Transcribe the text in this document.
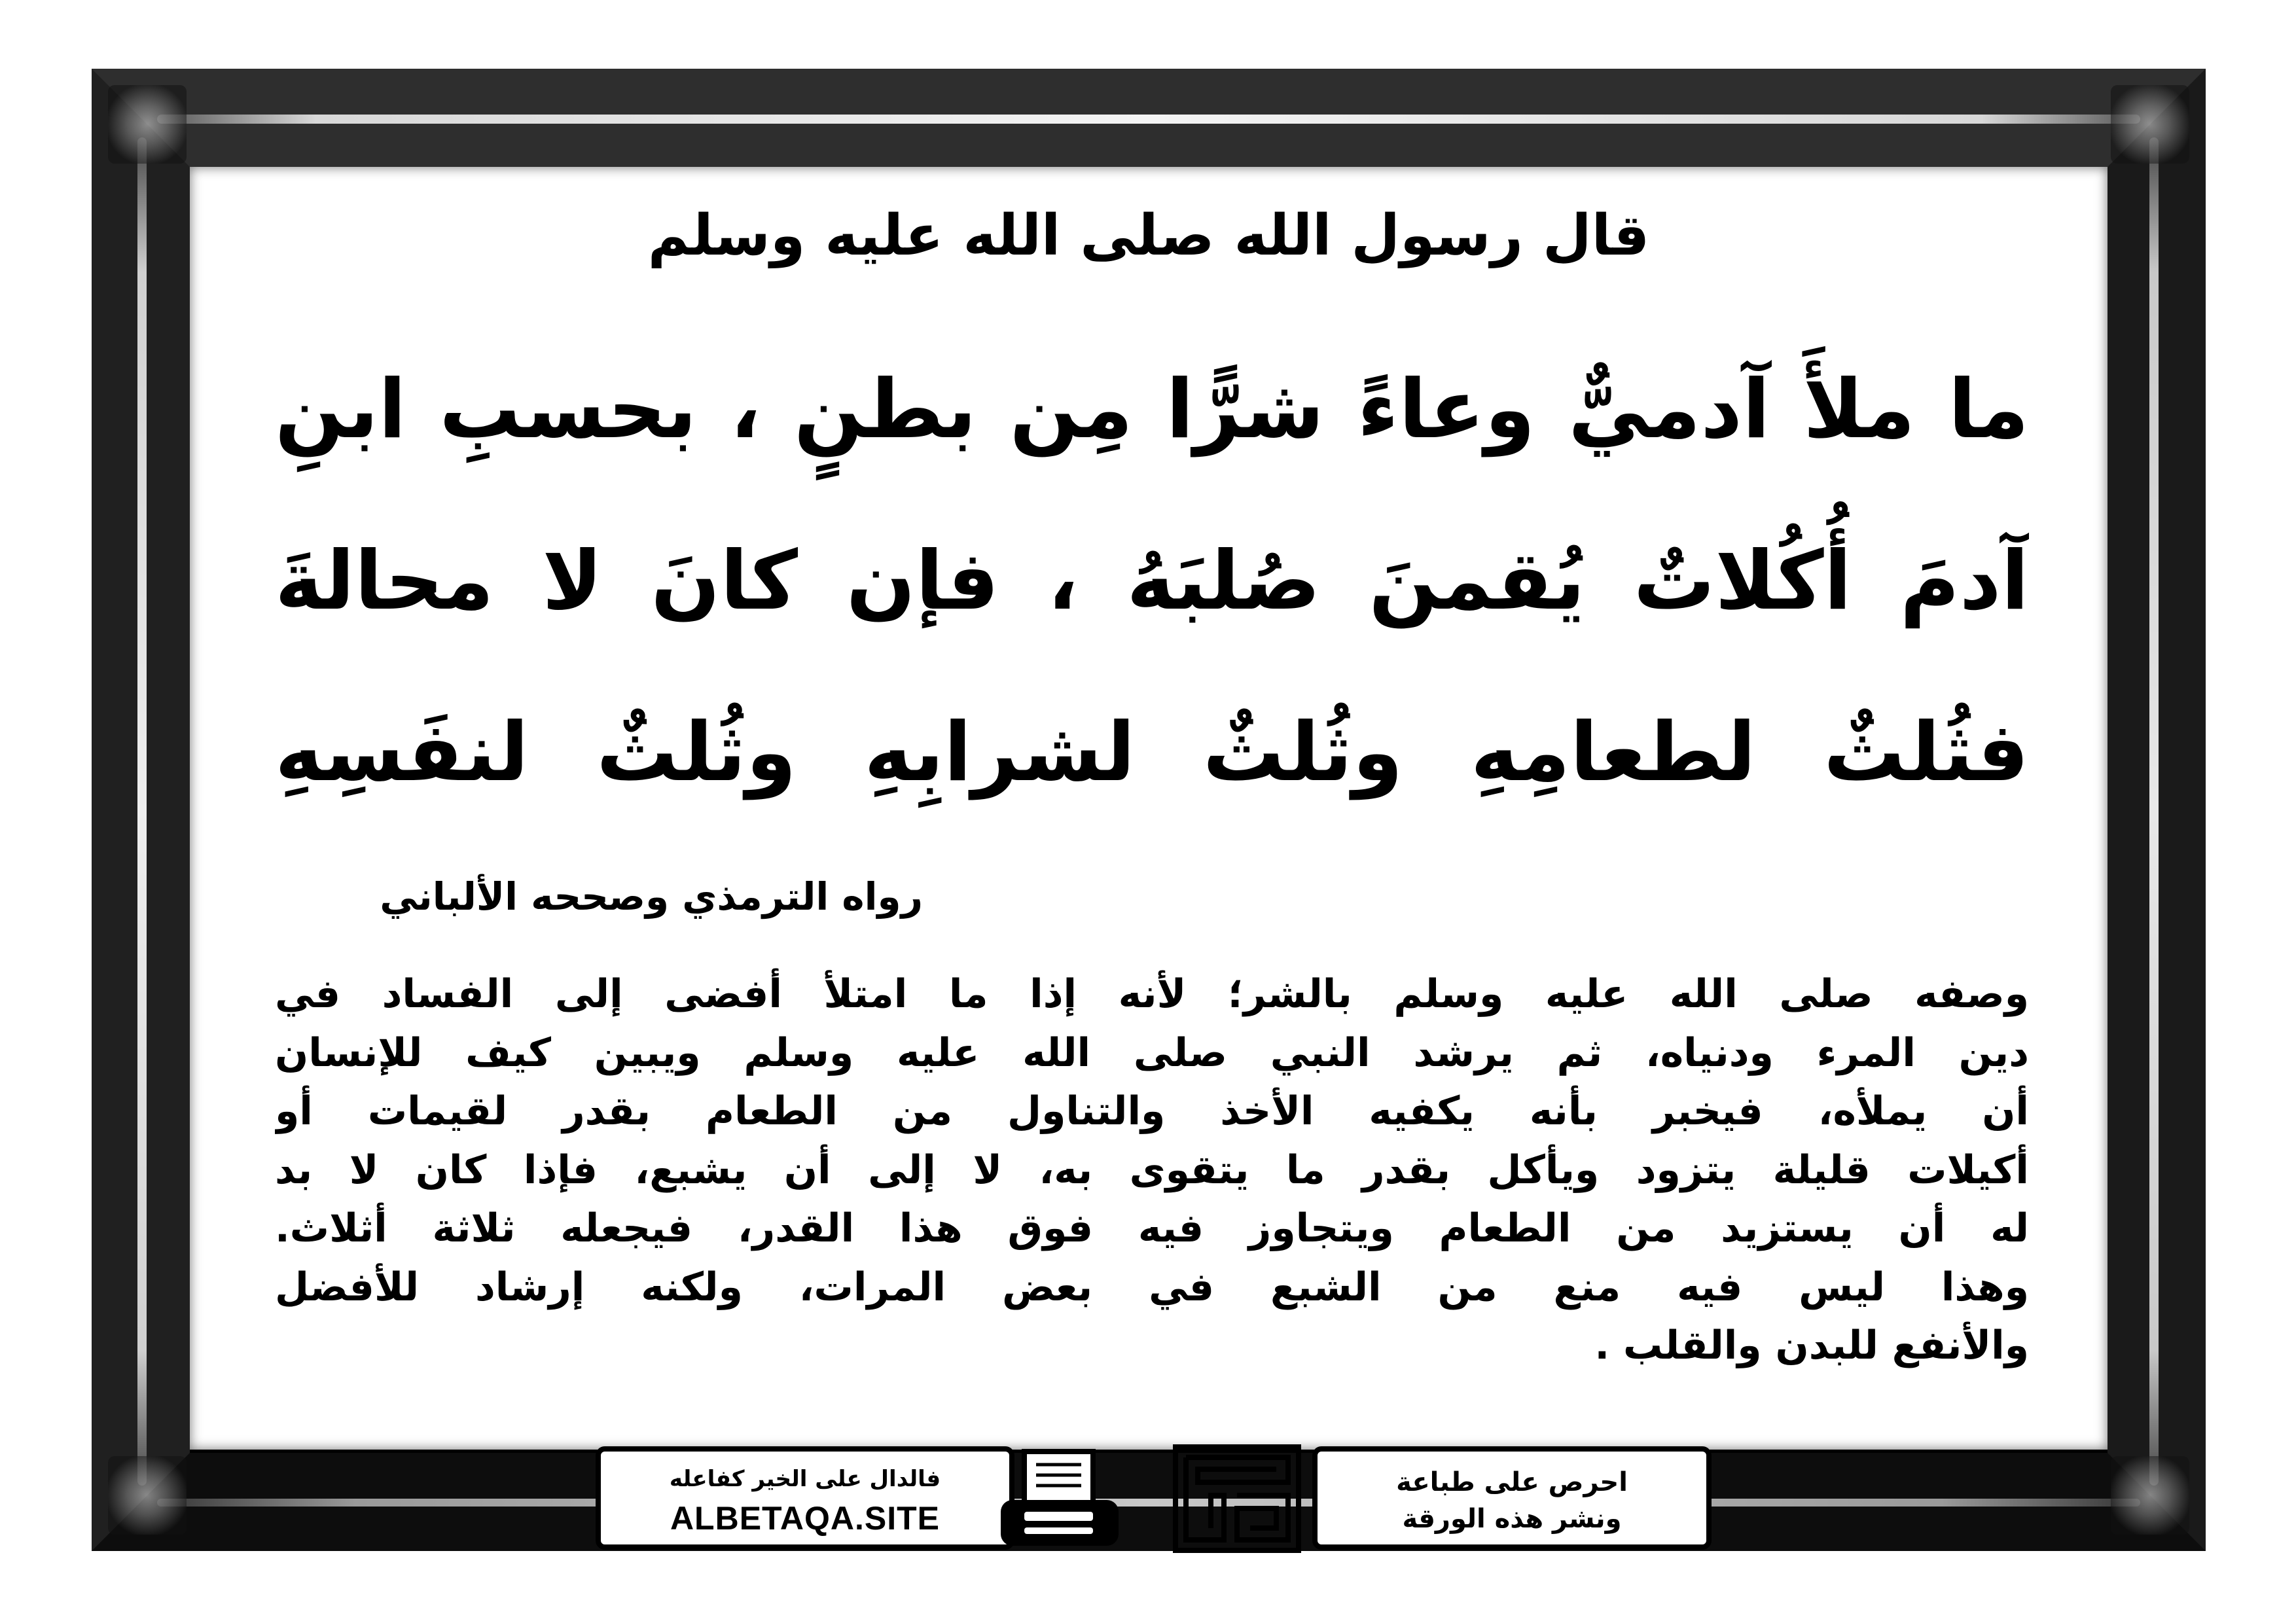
قال رسول الله صلى الله عليه وسلم
ما ملأَ آدميٌّ وعاءً شرًّا مِن بطنٍ ، بحسبِ ابنِ
آدمَ أُكُلاتٌ يُقمنَ صُلبَهُ ، فإن كانَ لا محالةَ
فثُلثٌ لطعامِهِ وثُلثٌ لشرابِهِ وثُلثٌ لنفَسِهِ
رواه الترمذي وصححه الألباني
وصفه صلى الله عليه وسلم بالشر؛ لأنه إذا ما امتلأ أفضى إلى الفساد في
دين المرء ودنياه، ثم يرشد النبي صلى الله عليه وسلم ويبين كيف للإنسان
أن يملأه، فيخبر بأنه يكفيه الأخذ والتناول من الطعام بقدر لقيمات أو
أكيلات قليلة يتزود ويأكل بقدر ما يتقوى به، لا إلى أن يشبع، فإذا كان لا بد
له أن يستزيد من الطعام ويتجاوز فيه فوق هذا القدر، فيجعله ثلاثة أثلاث.
وهذا ليس فيه منع من الشبع في بعض المرات، ولكنه إرشاد للأفضل
والأنفع للبدن والقلب .
فالدال على الخير كفاعله
ALBETAQA.SITE
احرص على طباعة
ونشر هذه الورقة
